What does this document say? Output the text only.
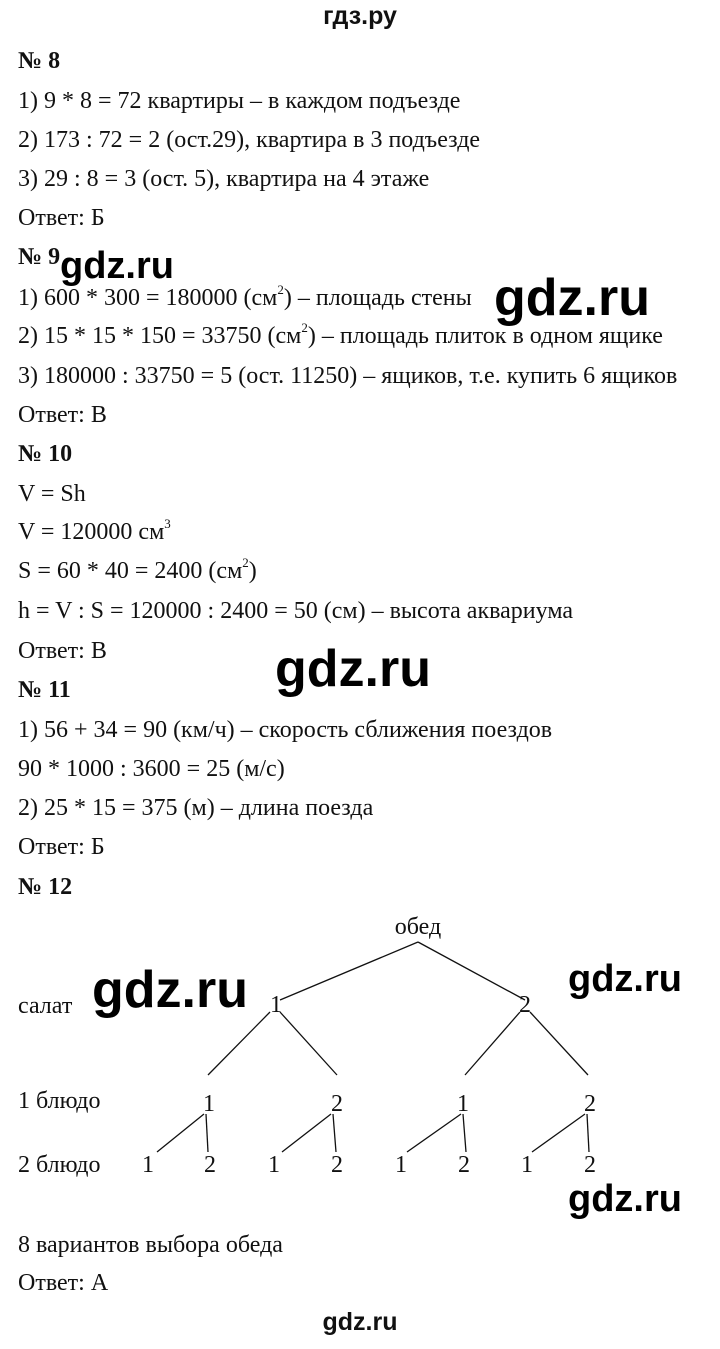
гдз.ру
№ 8
1) 9 * 8 = 72 квартиры – в каждом подъезде
2) 173 : 72 = 2 (ост.29), квартира в 3 подъезде
3) 29 : 8 = 3 (ост. 5), квартира на 4 этаже
Ответ: Б
№ 9
1) 600 * 300 = 180000 $(см^2)$ – площадь стены
2) 15 * 15 * 150 = 33750 $(см^2)$ – площадь плиток в одном ящике
3) 180000 : 33750 = 5 (ост. 11250) – ящиков, т.е. купить 6 ящиков
Ответ: В
№ 10
V = Sh
V = 120000 $см^3$
S = 60 * 40 = 2400 $(см^2)$
h = V : S = 120000 : 2400 = 50 (см) – высота аквариума
Ответ: В
№ 11
1) 56 + 34 = 90 (км/ч) – скорость сближения поездов
90 * 1000 : 3600 = 25 (м/с)
2) 25 * 15 = 375 (м) – длина поезда
Ответ: Б
№ 12
обед
салат
1 блюдо
2 блюдо
1	2
1	2	1	2
1 2 1 2 1 2 1 2
8 вариантов выбора обеда
Ответ: А
gdz.ru
gdz.ru
gdz.ru
gdz.ru	gdz.ru
gdz.ru
gdz.ru
